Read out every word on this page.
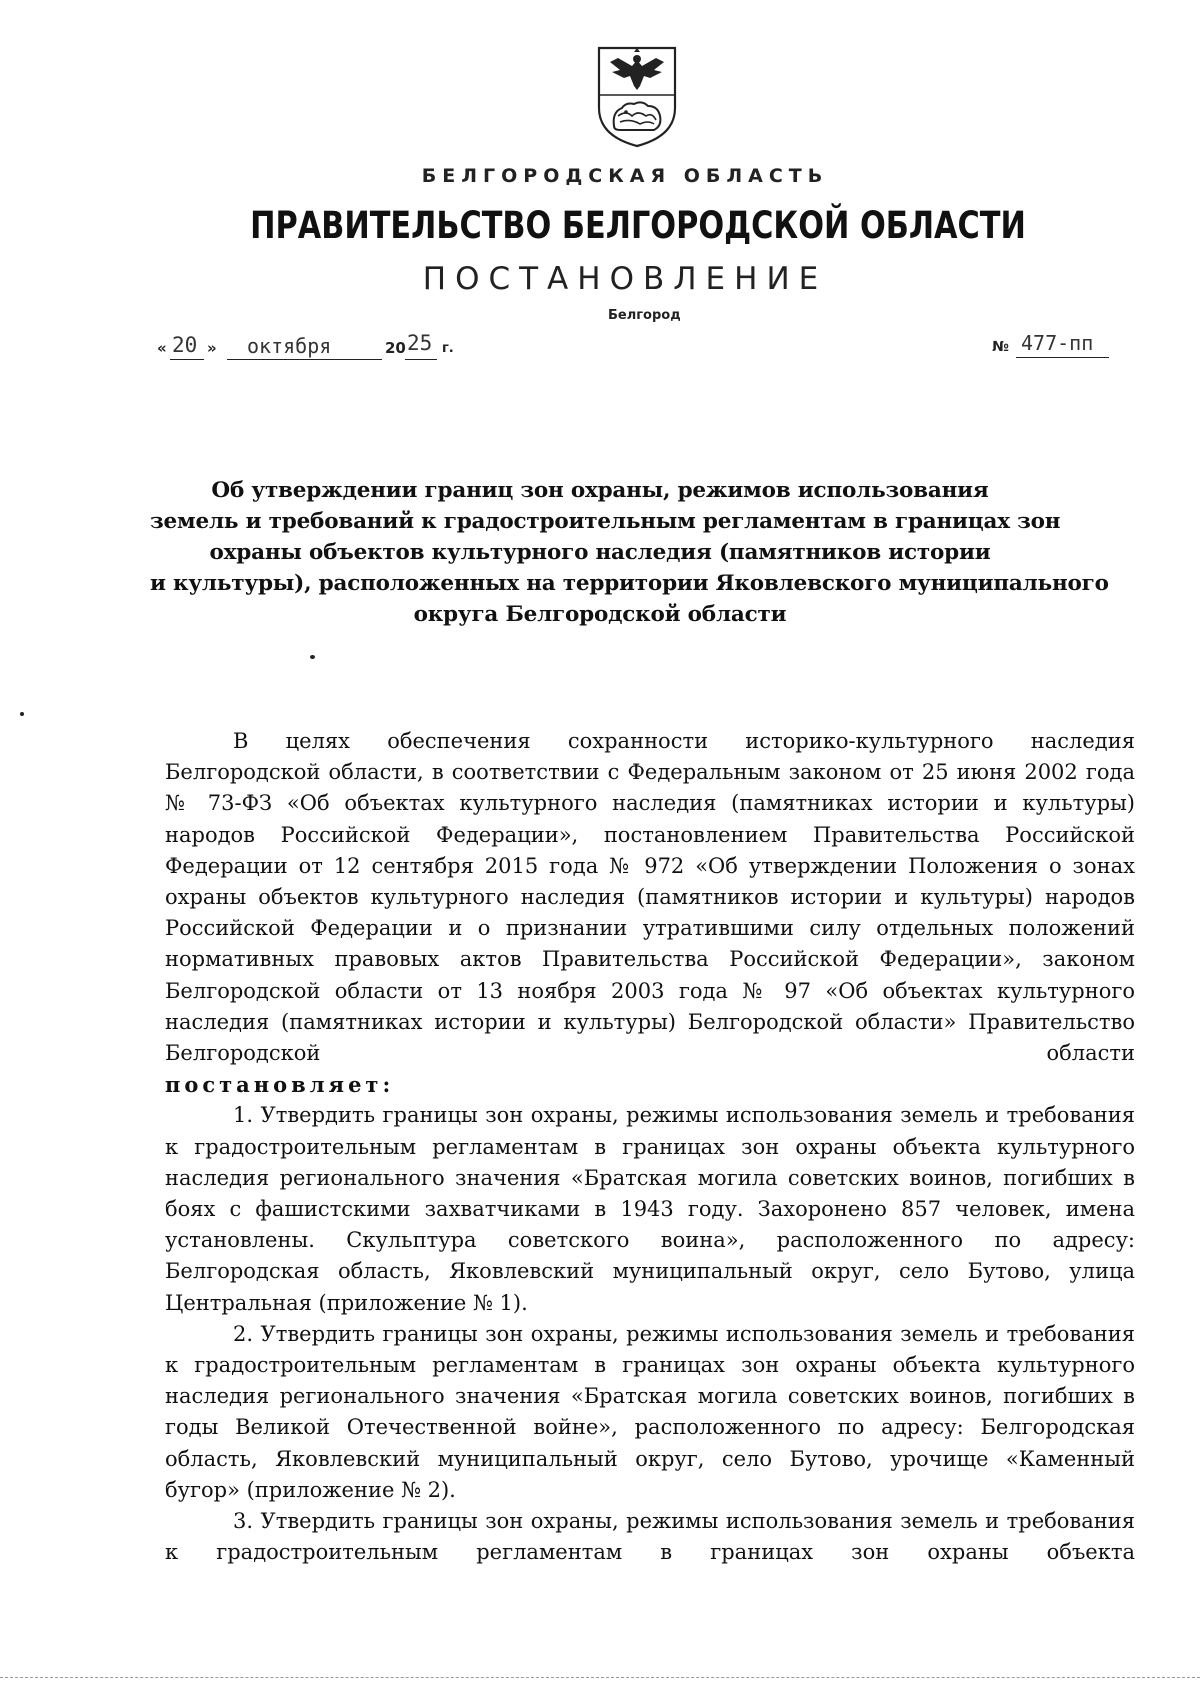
БЕЛГОРОДСКАЯ ОБЛАСТЬ
ПРАВИТЕЛЬСТВО БЕЛГОРОДСКОЙ ОБЛАСТИ
ПОСТАНОВЛЕНИЕ
Белгород
« 20 » октября	20 25 г.	№ 477-пп
Об утверждении границ зон охраны, режимов использования
земель и требований к градостроительным регламентам в границах зон
охраны объектов культурного наследия (памятников истории
и культуры), расположенных на территории Яковлевского муниципального
округа Белгородской области

В целях обеспечения сохранности историко-культурного наследия Белгородской области, в соответствии с Федеральным законом от 25 июня 2002 года № 73-ФЗ «Об объектах культурного наследия (памятниках истории и культуры) народов Российской Федерации», постановлением Правительства Российской Федерации от 12 сентября 2015 года № 972 «Об утверждении Положения о зонах охраны объектов культурного наследия (памятников истории и культуры) народов Российской Федерации и о признании утратившими силу отдельных положений нормативных правовых актов Правительства Российской Федерации», законом Белгородской области от 13 ноября 2003 года № 97 «Об объектах культурного наследия (памятниках истории и культуры) Белгородской области» Правительство Белгородской области

постановляет:

1. Утвердить границы зон охраны, режимы использования земель и требования к градостроительным регламентам в границах зон охраны объекта культурного наследия регионального значения «Братская могила советских воинов, погибших в боях с фашистскими захватчиками в 1943 году. Захоронено 857 человек, имена установлены. Скульптура советского воина», расположенного по адресу: Белгородская область, Яковлевский муниципальный округ, село Бутово, улица Центральная (приложение № 1).

2. Утвердить границы зон охраны, режимы использования земель и требования к градостроительным регламентам в границах зон охраны объекта культурного наследия регионального значения «Братская могила советских воинов, погибших в годы Великой Отечественной войне», расположенного по адресу: Белгородская область, Яковлевский муниципальный округ, село Бутово, урочище «Каменный бугор» (приложение № 2).

3. Утвердить границы зон охраны, режимы использования земель и требования к градостроительным регламентам в границах зон охраны объекта
